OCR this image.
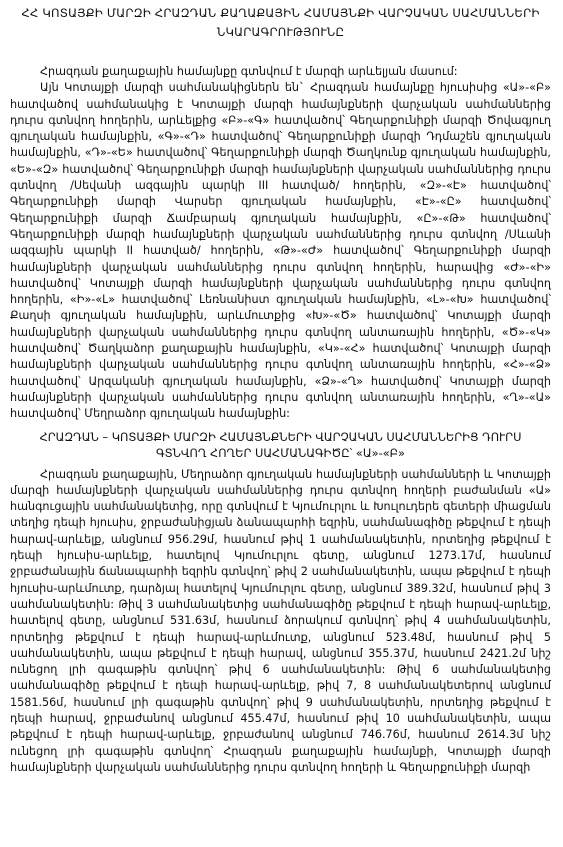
ՀՀ ԿՈՏԱՅՔԻ ՄԱՐԶԻ ՀՐԱԶԴԱՆ ՔԱՂԱՔԱՅԻՆ ՀԱՄԱՅՆՔԻ ՎԱՐՉԱԿԱՆ ՍԱՀՄԱՆՆԵՐԻ
ՆԿԱՐԱԳՐՈՒԹՅՈՒՆԸ

Հրազդան քաղաքային համայնքը գտնվում է մարզի արևելյան մասում:

Այն Կոտայքի մարզի սահմանակիցներն են` Հրազդան համայնքը հյուսիսից «Ա»-«Բ» հատվածով սահմանակից է Կոտայքի մարզի համայնքների վարչական սահմաններից դուրս գտնվող հողերին, արևելքից «Բ»-«Գ» հատվածով՝ Գեղարքունիքի մարզի Ծովագյուղ գյուղական համայնքին, «Գ»-«Դ» հատվածով՝ Գեղարքունիքի մարզի Դդմաշեն գյուղական համայնքին, «Դ»-«Ե» հատվածով՝ Գեղարքունիքի մարզի Ծաղկունք գյուղական համայնքին, «Ե»-«Զ» հատվածով՝ Գեղարքունիքի մարզի համայնքների վարչական սահմաններից դուրս գտնվող /Սեվանի ազգային պարկի III հատված/ հողերին, «Զ»-«Է» հատվածով՝ Գեղարքունիքի մարզի Վարսեր գյուղական համայնքին, «Է»-«Ը» հատվածով՝ Գեղարքունիքի մարզի Ճամբարակ գյուղական համայնքին, «Ը»-«Թ» հատվածով՝ Գեղարքունիքի մարզի համայնքների վարչական սահմաններից դուրս գտնվող /Սևանի ազգային պարկի II հատված/ հողերին, «Թ»-«Ժ» հատվածով՝ Գեղարքունիքի մարզի համայնքների վարչական սահմաններից դուրս գտնվող հողերին, հարավից «Ժ»-«Ի» հատվածով՝ Կոտայքի մարզի համայնքների վարչական սահմաններից դուրս գտնվող հողերին, «Ի»-«Լ» հատվածով՝ Լեռնանիստ գյուղական համայնքին, «Լ»-«Խ» հատվածով՝ Քաղսի գյուղական համայնքին, արևմուտքից «Խ»-«Ծ» հատվածով՝ Կոտայքի մարզի համայնքների վարչական սահմաններից դուրս գտնվող անտառային հողերին, «Ծ»-«Կ» հատվածով՝ Ծաղկաձոր քաղաքային համայնքին, «Կ»-«Հ» հատվածով՝ Կոտայքի մարզի համայնքների վարչական սահմաններից դուրս գտնվող անտառային հողերին, «Հ»-«Ձ» հատվածով՝ Արզականի գյուղական համայնքին, «Ձ»-«Ղ» հատվածով՝ Կոտայքի մարզի համայնքների վարչական սահմաններից դուրս գտնվող անտառային հողերին, «Ղ»-«Ա» հատվածով՝ Մեղրաձոր գյուղական համայնքին:

ՀՐԱԶԴԱՆ – ԿՈՏԱՅՔԻ ՄԱՐԶԻ ՀԱՄԱՅՆՔՆԵՐԻ ՎԱՐՉԱԿԱՆ ՍԱՀՄԱՆՆԵՐԻՑ ԴՈՒՐՍ
ԳՏՆՎՈՂ ՀՈՂԵՐ ՍԱՀՄԱՆԱԳԻԾԸ՝ «Ա»-«Բ»

Հրազդան քաղաքային, Մեղրաձոր գյուղական համայնքների սահմանների և Կոտայքի մարզի համայնքների վարչական սահմաններից դուրս գտնվող հողերի բաժանման «Ա» հանգուցային սահմանակետից, որը գտնվում է Կյումուրլու և Խուլուդերե գետերի միացման տեղից դեպի հյուսիս, ջրբաժանիցյան ձանապարհի եզրին, սահմանագիծը թեքվում է դեպի հարավ-արևելք, անցնում 956.29մ, հասնում թիվ 1 սահմանակետին, որտեղից թեքվում է դեպի հյուսիս-արևելք, հատելով Կյումուրլու գետը, անցնում 1273.17մ, հասնում ջրբաժանային ճանապարհի եզրին գտնվող՝ թիվ 2 սահմանակետին, ապա թեքվում է դեպի հյուսիս-արևմուտք, դարձյալ հատելով Կյումուրլու գետը, անցնում 389.32մ, հասնում թիվ 3 սահմանակետին: Թիվ 3 սահմանակետից սահմանագիծը թեքվում է դեպի հարավ-արևելք, հատելով գետը, անցնում 531.63մ, հասնում ձորակում գտնվող՝ թիվ 4 սահմանակետին, որտեղից թեքվում է դեպի հարավ-արևմուտք, անցնում 523.48մ, հասնում թիվ 5 սահմանակետին, ապա թեքվում է դեպի հարավ, անցնում 355.37մ, հասնում 2421.2մ նիշ ունեցող լրի գագաթին գտնվող՝ թիվ 6 սահմանակետին: Թիվ 6 սահմանակետից սահմանագիծը թեքվում է դեպի հարավ-արևելք, թիվ 7, 8 սահմանակետերով անցնում 1581.56մ, հասնում լրի գագաթին գտնվող՝ թիվ 9 սահմանակետին, որտեղից թեքվում է դեպի հարավ, ջրբաժանով անցնում 455.47մ, հասնում թիվ 10 սահմանակետին, ապա թեքվում է դեպի հարավ-արևելք, ջրբաժանով անցնում 746.76մ, հասնում 2614.3մ նիշ ունեցող լրի գագաթին գտնվող՝ Հրազդան քաղաքային համայնքի, Կոտայքի մարզի համայնքների վարչական սահմաններից դուրս գտնվող հողերի և Գեղարքունիքի մարզի
